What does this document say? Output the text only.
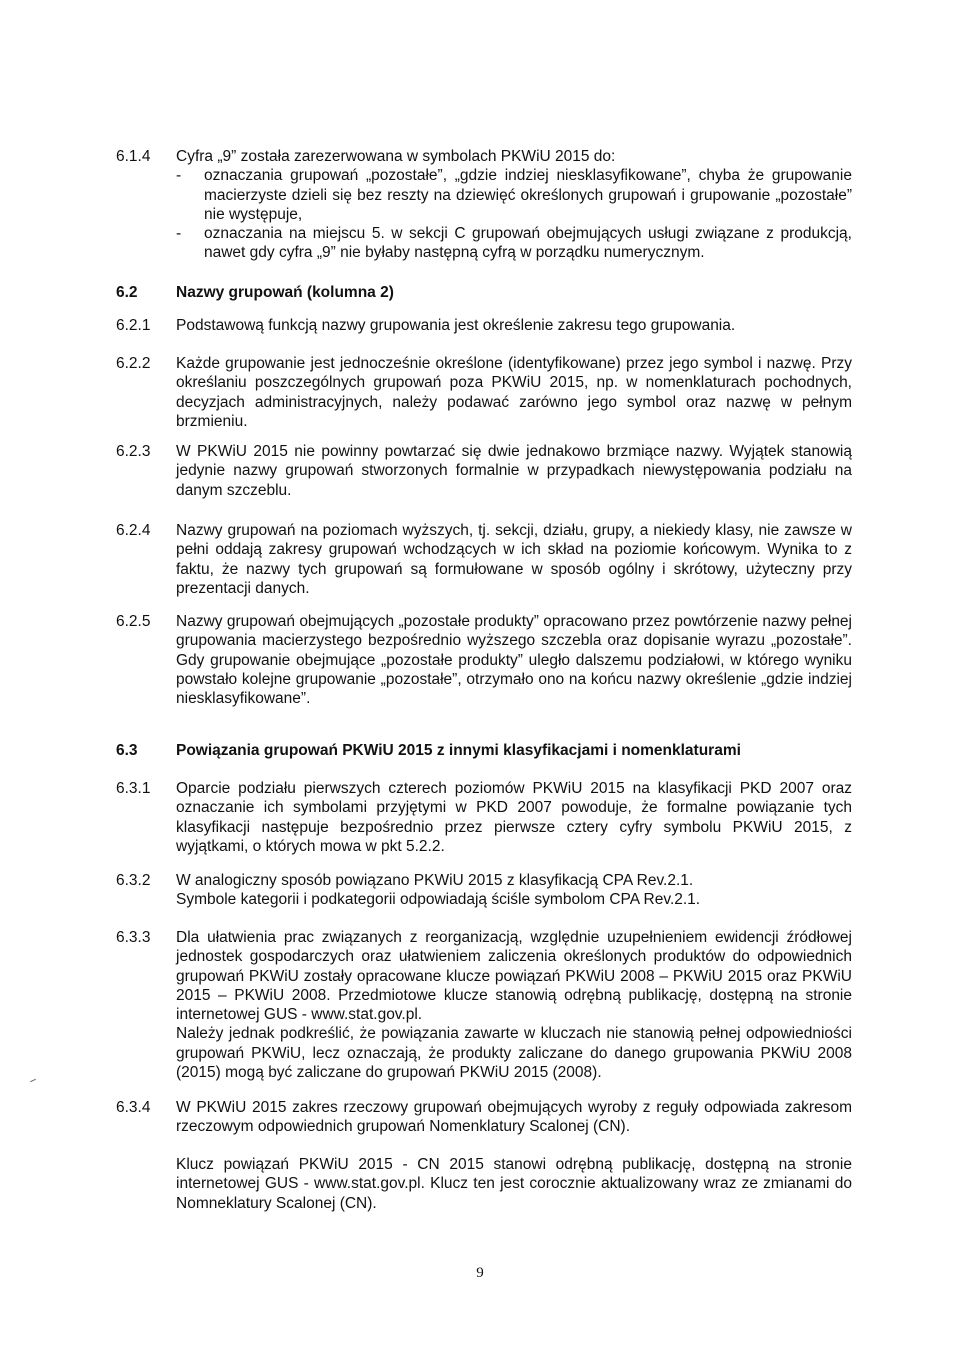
6.1.4	Cyfra „9” została zarezerwowana w symbolach PKWiU 2015 do:

- oznaczania grupowań „pozostałe”, „gdzie indziej niesklasyfikowane”, chyba że grupowanie macierzyste dzieli się bez reszty na dziewięć określonych grupowań i grupowanie „pozostałe” nie występuje,

- oznaczania na miejscu 5. w sekcji C grupowań obejmujących usługi związane z produkcją, nawet gdy cyfra „9” nie byłaby następną cyfrą w porządku numerycznym.

6.2	Nazwy grupowań (kolumna 2)

6.2.1	Podstawową funkcją nazwy grupowania jest określenie zakresu tego grupowania.

6.2.2	Każde grupowanie jest jednocześnie określone (identyfikowane) przez jego symbol i nazwę. Przy określaniu poszczególnych grupowań poza PKWiU 2015, np. w nomenklaturach pochodnych, decyzjach administracyjnych, należy podawać zarówno jego symbol oraz nazwę w pełnym brzmieniu.

6.2.3	W PKWiU 2015 nie powinny powtarzać się dwie jednakowo brzmiące nazwy. Wyjątek stanowią jedynie nazwy grupowań stworzonych formalnie w przypadkach niewystępowania podziału na danym szczeblu.

6.2.4	Nazwy grupowań na poziomach wyższych, tj. sekcji, działu, grupy, a niekiedy klasy, nie zawsze w pełni oddają zakresy grupowań wchodzących w ich skład na poziomie końcowym. Wynika to z faktu, że nazwy tych grupowań są formułowane w sposób ogólny i skrótowy, użyteczny przy prezentacji danych.

6.2.5	Nazwy grupowań obejmujących „pozostałe produkty” opracowano przez powtórzenie nazwy pełnej grupowania macierzystego bezpośrednio wyższego szczebla oraz dopisanie wyrazu „pozostałe”. Gdy grupowanie obejmujące „pozostałe produkty” uległo dalszemu podziałowi, w którego wyniku powstało kolejne grupowanie „pozostałe”, otrzymało ono na końcu nazwy określenie „gdzie indziej niesklasyfikowane”.

6.3	Powiązania grupowań PKWiU 2015 z innymi klasyfikacjami i nomenklaturami

6.3.1	Oparcie podziału pierwszych czterech poziomów PKWiU 2015 na klasyfikacji PKD 2007 oraz oznaczanie ich symbolami przyjętymi w PKD 2007 powoduje, że formalne powiązanie tych klasyfikacji następuje bezpośrednio przez pierwsze cztery cyfry symbolu PKWiU 2015, z wyjątkami, o których mowa w pkt 5.2.2.

6.3.2	W analogiczny sposób powiązano PKWiU 2015 z klasyfikacją CPA Rev.2.1.

Symbole kategorii i podkategorii odpowiadają ściśle symbolom CPA Rev.2.1.

6.3.3	Dla ułatwienia prac związanych z reorganizacją, względnie uzupełnieniem ewidencji źródłowej jednostek gospodarczych oraz ułatwieniem zaliczenia określonych produktów do odpowiednich grupowań PKWiU zostały opracowane klucze powiązań PKWiU 2008 – PKWiU 2015 oraz PKWiU 2015 – PKWiU 2008. Przedmiotowe klucze stanowią odrębną publikację, dostępną na stronie internetowej GUS - www.stat.gov.pl.

Należy jednak podkreślić, że powiązania zawarte w kluczach nie stanowią pełnej odpowiedniości grupowań PKWiU, lecz oznaczają, że produkty zaliczane do danego grupowania PKWiU 2008 (2015) mogą być zaliczane do grupowań PKWiU 2015 (2008).

6.3.4	W PKWiU 2015 zakres rzeczowy grupowań obejmujących wyroby z reguły odpowiada zakresom rzeczowym odpowiednich grupowań Nomenklatury Scalonej (CN).

Klucz powiązań PKWiU 2015 - CN 2015 stanowi odrębną publikację, dostępną na stronie internetowej GUS - www.stat.gov.pl. Klucz ten jest corocznie aktualizowany wraz ze zmianami do Nomneklatury Scalonej (CN).

9
